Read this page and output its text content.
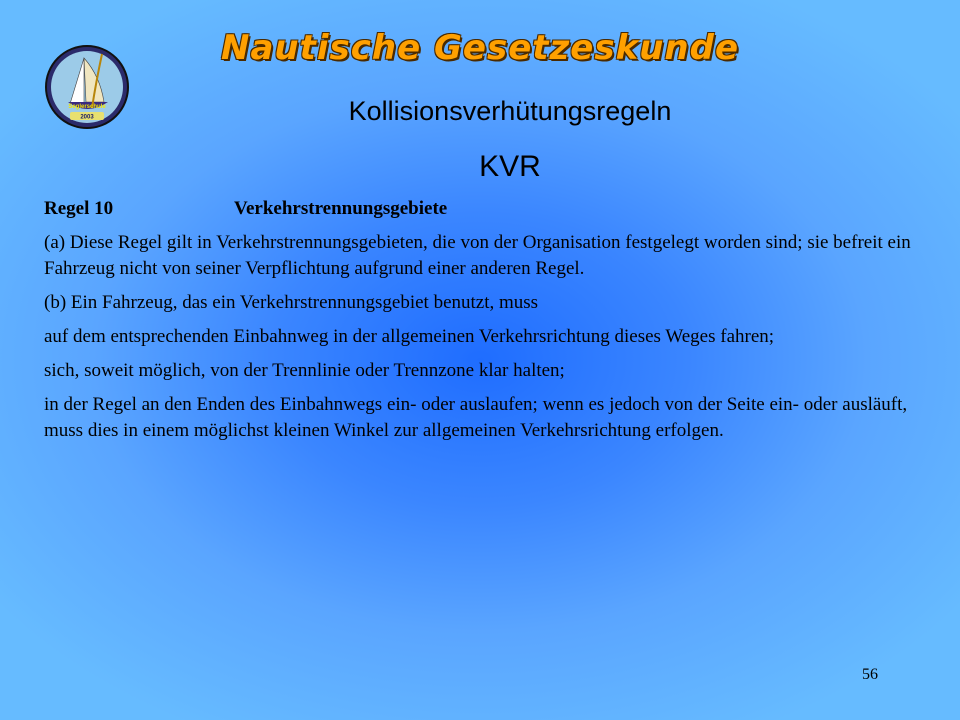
Nautische Gesetzeskunde
Seglerschule
2003	Kollisionsverhütungsregeln
KVR
Regel 10	Verkehrstrennungsgebiete

(a) Diese Regel gilt in Verkehrstrennungsgebieten, die von der Organisation festgelegt worden sind; sie befreit ein Fahrzeug nicht von seiner Verpflichtung aufgrund einer anderen Regel.

(b) Ein Fahrzeug, das ein Verkehrstrennungsgebiet benutzt, muss

auf dem entsprechenden Einbahnweg in der allgemeinen Verkehrsrichtung dieses Weges fahren;

sich, soweit möglich, von der Trennlinie oder Trennzone klar halten;

in der Regel an den Enden des Einbahnwegs ein- oder auslaufen; wenn es jedoch von der Seite ein- oder ausläuft, muss dies in einem möglichst kleinen Winkel zur allgemeinen Verkehrsrichtung erfolgen.

56
